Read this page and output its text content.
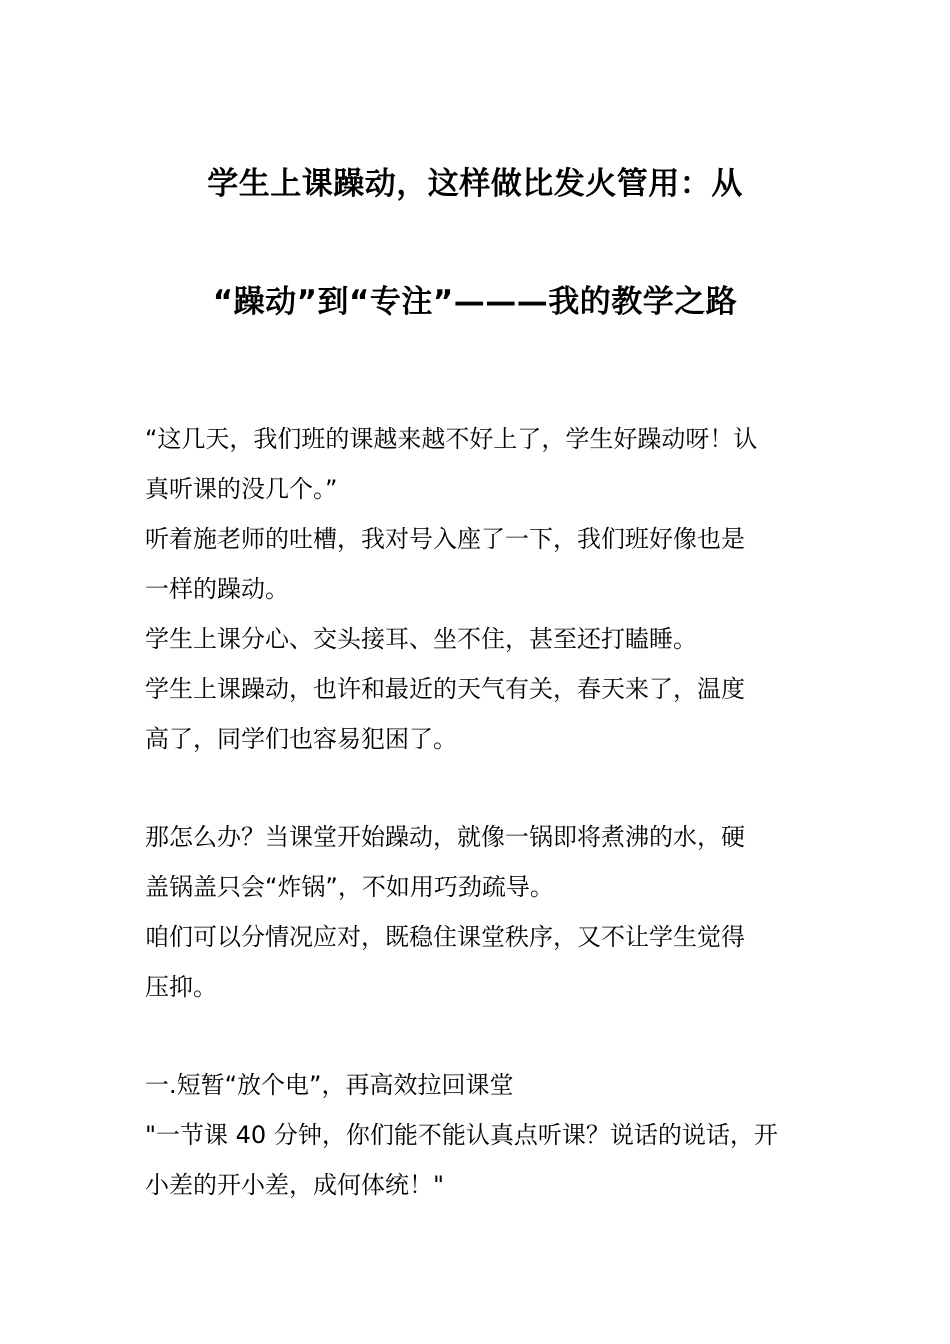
学生上课躁动，这样做比发火管用：从
“躁动”到“专注”———我的教学之路
“这几天，我们班的课越来越不好上了，学生好躁动呀！认
真听课的没几个。”
听着施老师的吐槽，我对号入座了一下，我们班好像也是
一样的躁动。
学生上课分心、交头接耳、坐不住，甚至还打瞌睡。
学生上课躁动，也许和最近的天气有关，春天来了，温度
高了，同学们也容易犯困了。
那怎么办？当课堂开始躁动，就像一锅即将煮沸的水，硬
盖锅盖只会“炸锅”，不如用巧劲疏导。
咱们可以分情况应对，既稳住课堂秩序，又不让学生觉得
压抑。
一.短暂“放个电”，再高效拉回课堂
"一节课 40 分钟，你们能不能认真点听课？说话的说话，开
小差的开小差，成何体统！"
